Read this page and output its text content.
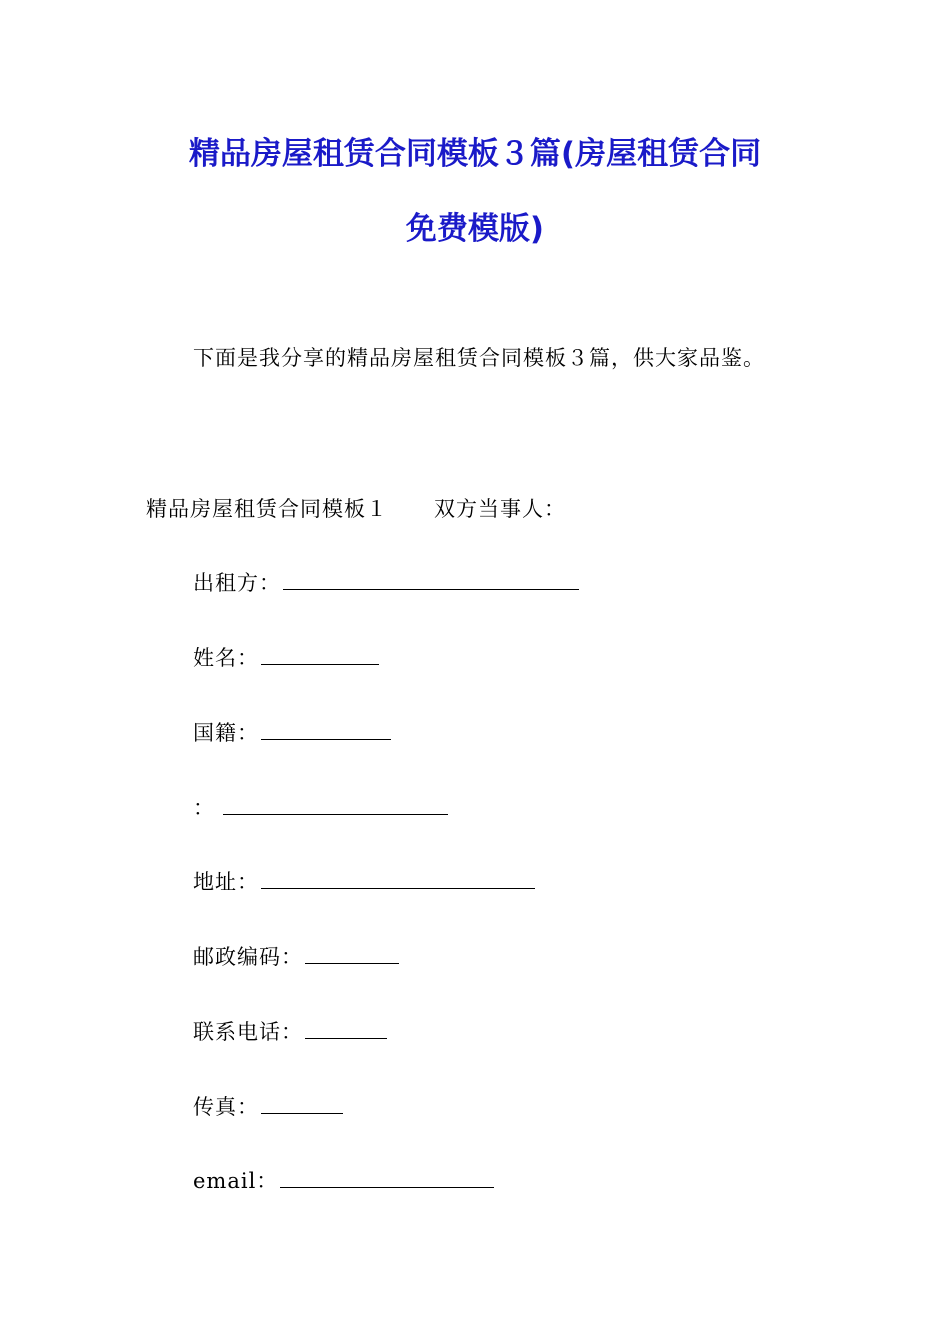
精品房屋租赁合同模板３篇(房屋租赁合同
免费模版)
下面是我分享的精品房屋租赁合同模板３篇，供大家品鉴。
精品房屋租赁合同模板１ 双方当事人：
出租方：
姓名：
国籍：
：
地址：
邮政编码：
联系电话：
传真：
email：
